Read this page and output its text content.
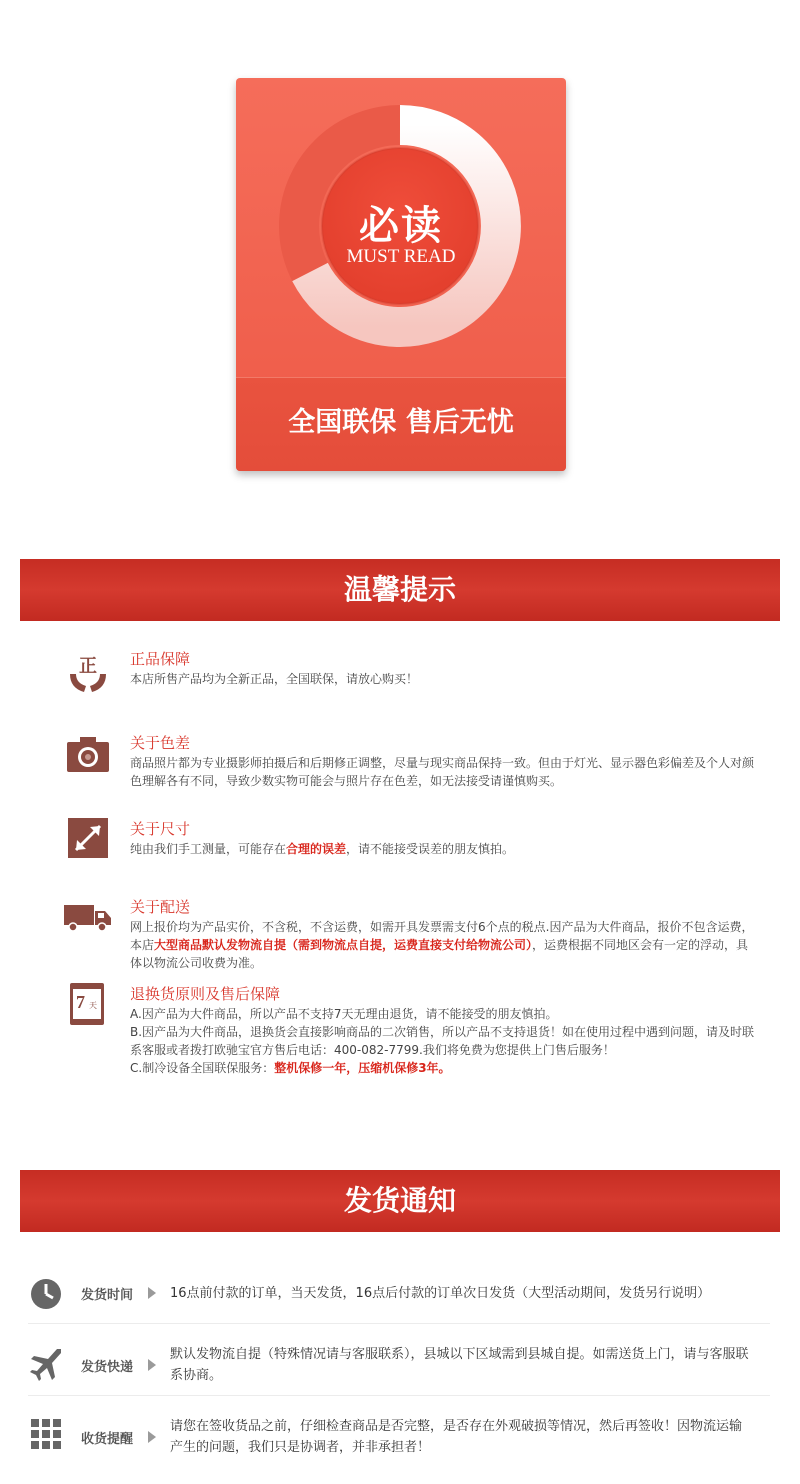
必读
MUST READ
全国联保 售后无忧
温馨提示
正 正品保障
本店所售产品均为全新正品，全国联保，请放心购买！
关于色差
商品照片都为专业摄影师拍摄后和后期修正调整，尽量与现实商品保持一致。但由于灯光、显示器色彩偏差及个人对颜色理解各有不同，导致少数实物可能会与照片存在色差，如无法接受请谨慎购买。
关于尺寸
纯由我们手工测量，可能存在合理的误差，请不能接受误差的朋友慎拍。
关于配送
网上报价均为产品实价，不含税，不含运费，如需开具发票需支付6个点的税点.因产品为大件商品，报价不包含运费，本店大型商品默认发物流自提（需到物流点自提，运费直接支付给物流公司），运费根据不同地区会有一定的浮动，具体以物流公司收费为准。
7 天
退换货原则及售后保障
A.因产品为大件商品，所以产品不支持7天无理由退货，请不能接受的朋友慎拍。
B.因产品为大件商品，退换货会直接影响商品的二次销售，所以产品不支持退货！如在使用过程中遇到问题，请及时联系客服或者拨打欧驰宝官方售后电话：400-082-7799.我们将免费为您提供上门售后服务！
C.制冷设备全国联保服务：整机保修一年，压缩机保修3年。
发货通知
发货时间	16点前付款的订单，当天发货，16点后付款的订单次日发货（大型活动期间，发货另行说明）
发货快递
默认发物流自提（特殊情况请与客服联系），县城以下区域需到县城自提。如需送货上门，请与客服联系协商。
收货提醒
请您在签收货品之前，仔细检查商品是否完整，是否存在外观破损等情况，然后再签收！因物流运输产生的问题，我们只是协调者，并非承担者！
